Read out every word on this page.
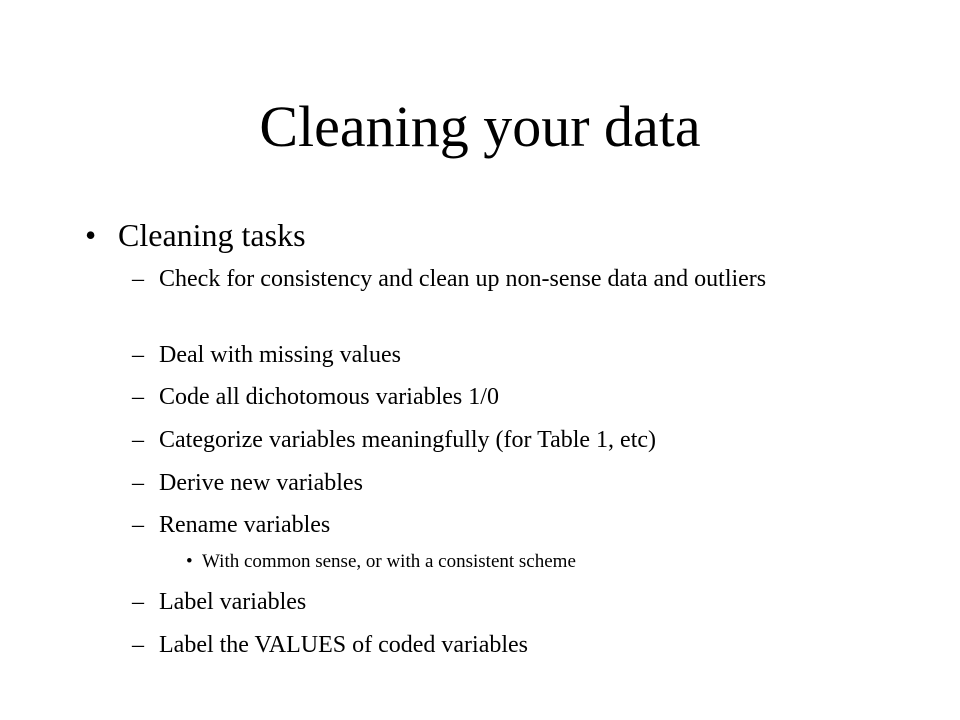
Cleaning your data
• Cleaning tasks
– Check for consistency and clean up non-sense data and outliers
– Deal with missing values
– Code all dichotomous variables 1/0
– Categorize variables meaningfully (for Table 1, etc)
– Derive new variables
– Rename variables
• With common sense, or with a consistent scheme
– Label variables
– Label the VALUES of coded variables
